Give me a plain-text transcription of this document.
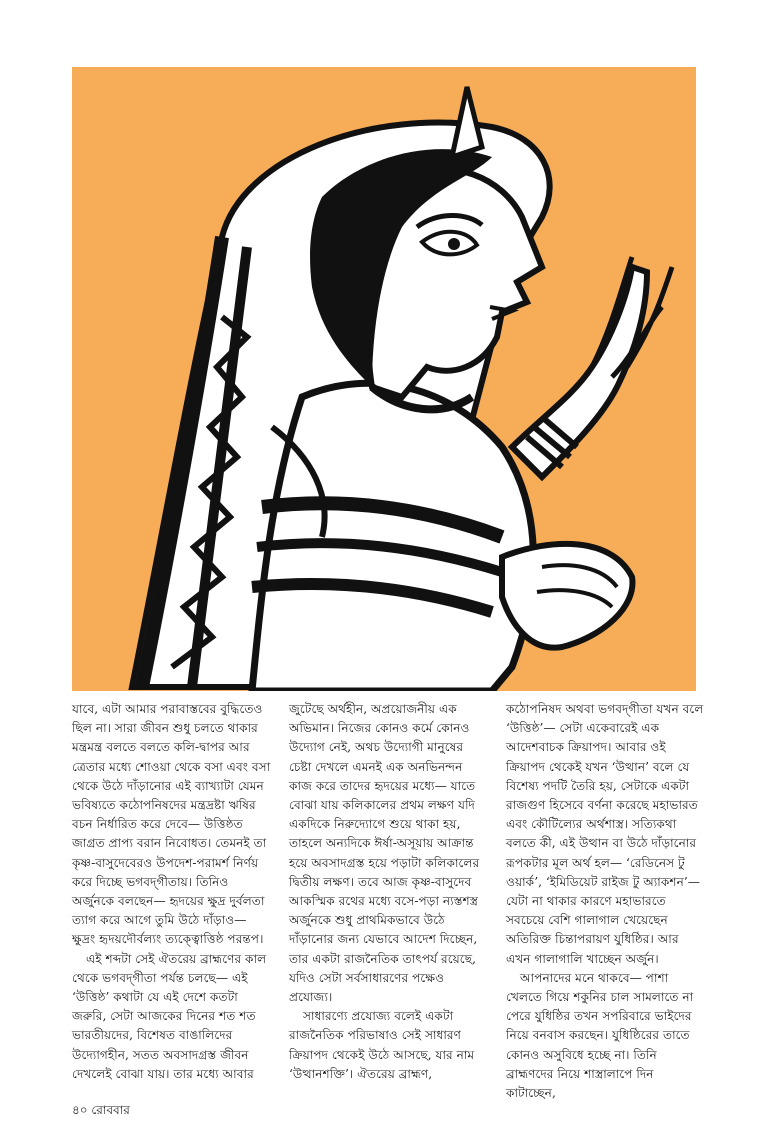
যাবে, এটা আমার পরাবাস্তবের বুদ্ধিতেও ছিল না। সারা জীবন শুধু চলতে থাকার মন্ত্রমন্ত্র বলতে বলতে কলি-দ্বাপর আর ত্রেতার মধ্যে শোওয়া থেকে বসা এবং বসা থেকে উঠে দাঁড়ানোর এই ব্যাখ্যাটা যেমন ভবিষ্যতে কঠোপনিষদের মন্ত্রদ্রষ্টা ঋষির বচন নির্ধারিত করে দেবে— উত্তিষ্ঠত জাগ্রত প্রাপ্য বরান নিবোধত। তেমনই তা কৃষ্ণ-বাসুদেবেরও উপদেশ-পরামর্শ নির্ণয় করে দিচ্ছে ভগবদ্‌গীতায়। তিনিও অর্জুনকে বলছেন— হৃদয়ের ক্ষুদ্র দুর্বলতা ত্যাগ করে আগে তুমি উঠে দাঁড়াও— ক্ষুদ্রং হৃদয়দৌর্বল্যং ত্যক্ত্বোত্তিষ্ঠ পরন্তপ।

এই শব্দটা সেই ঐতরেয় ব্রাহ্মণের কাল থেকে ভগবদ্‌গীতা পর্যন্ত চলছে— এই ‘উত্তিষ্ঠ’ কথাটা যে এই দেশে কতটা জরুরি, সেটা আজকের দিনের শত শত ভারতীয়দের, বিশেষত বাঙালিদের উদ্যোগহীন, সতত অবসাদগ্রস্ত জীবন দেখলেই বোঝা যায়। তার মধ্যে আবার

জুটেছে অর্থহীন, অপ্রয়োজনীয় এক অভিমান। নিজের কোনও কর্মে কোনও উদ্যোগ নেই, অথচ উদ্যোগী মানুষের চেষ্টা দেখলে এমনই এক অনভিনন্দন কাজ করে তাদের হৃদয়ের মধ্যে— যাতে বোঝা যায় কলিকালের প্রথম লক্ষণ যদি একদিকে নিরুদ্যোগে শুয়ে থাকা হয়, তাহলে অন্যদিকে ঈর্ষা-অসূয়ায় আক্রান্ত হয়ে অবসাদগ্রস্ত হয়ে পড়াটা কলিকালের দ্বিতীয় লক্ষণ। তবে আজ কৃষ্ণ-বাসুদেব আকস্মিক রথের মধ্যে বসে-পড়া ন্যস্তশস্ত্র অর্জুনকে শুধু প্রাথমিকভাবে উঠে দাঁড়ানোর জন্য যেভাবে আদেশ দিচ্ছেন, তার একটা রাজনৈতিক তাৎপর্য রয়েছে, যদিও সেটা সর্বসাধারণের পক্ষেও প্রযোজ্য।

সাধারণ্যে প্রযোজ্য বলেই একটা রাজনৈতিক পরিভাষাও সেই সাধারণ ক্রিয়াপদ থেকেই উঠে আসছে, যার নাম ‘উত্থানশক্তি’। ঐতরেয় ব্রাহ্মণ,

কঠোপনিষদ অথবা ভগবদ্‌গীতা যখন বলে ‘উত্তিষ্ঠ’— সেটা একেবারেই এক আদেশবাচক ক্রিয়াপদ। আবার ওই ক্রিয়াপদ থেকেই যখন ‘উত্থান’ বলে যে বিশেষ্য পদটি তৈরি হয়, সেটাকে একটা রাজগুণ হিসেবে বর্ণনা করেছে মহাভারত এবং কৌটিল্যের অর্থশাস্ত্র। সত্যিকথা বলতে কী, এই উত্থান বা উঠে দাঁড়ানোর রূপকটার মূল অর্থ হল— ‘রেডিনেস টু ওয়ার্ক’, ‘ইমিডিয়েট রাইজ টু অ্যাকশন’— যেটা না থাকার কারণে মহাভারতে সবচেয়ে বেশি গালাগাল খেয়েছেন অতিরিক্ত চিন্তাপরায়ণ যুধিষ্ঠির। আর এখন গালাগালি খাচ্ছেন অর্জুন।

আপনাদের মনে থাকবে— পাশা খেলতে গিয়ে শকুনির চাল সামলাতে না পেরে যুধিষ্ঠির তখন সপরিবারে ভাইদের নিয়ে বনবাস করছেন। যুধিষ্ঠিরের তাতে কোনও অসুবিধে হচ্ছে না। তিনি ব্রাহ্মণদের নিয়ে শাস্ত্রালাপে দিন কাটাচ্ছেন,

৪০ রোববার
